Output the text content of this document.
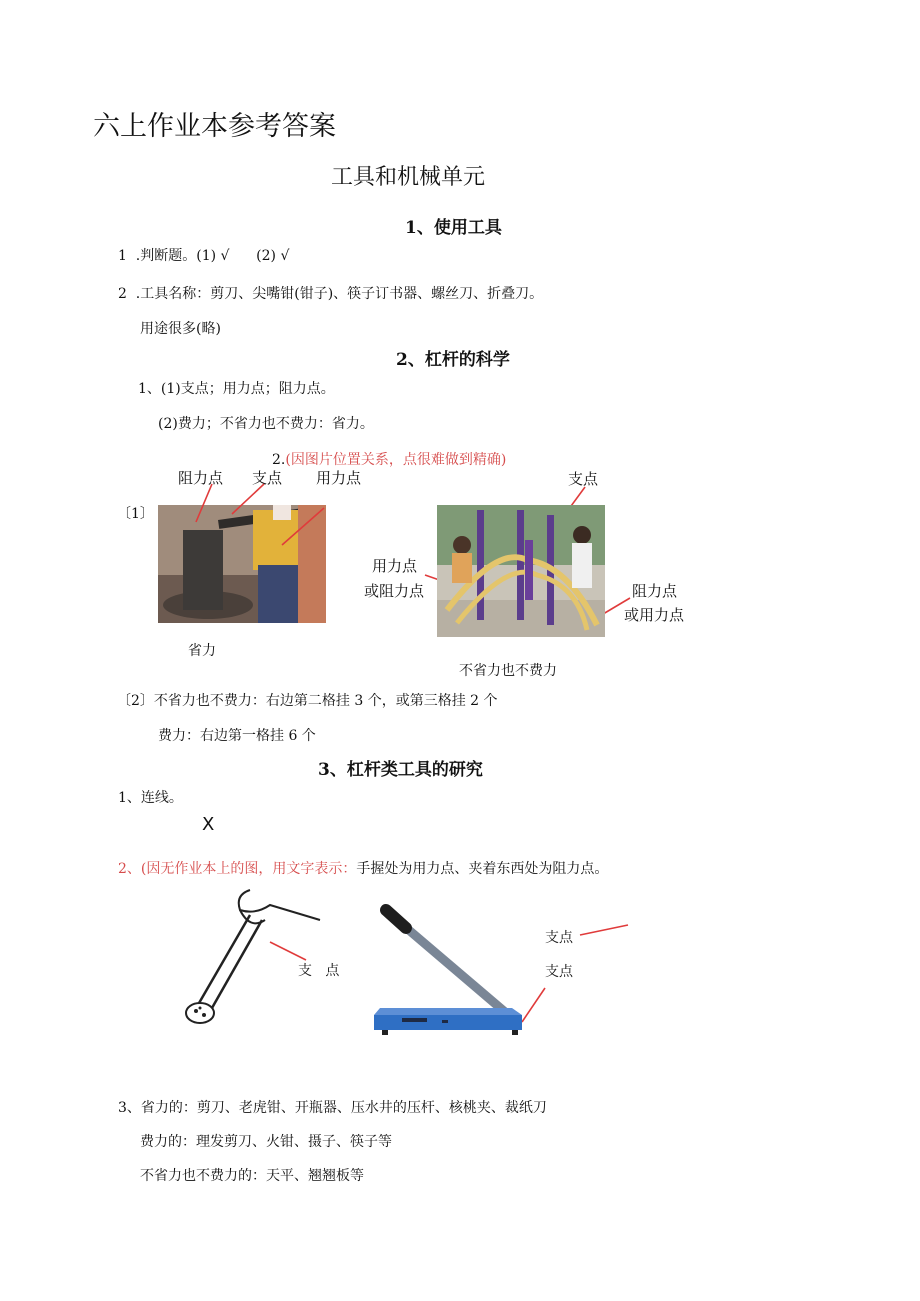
六上作业本参考答案
工具和机械单元
1、使用工具
1  .判断题。(1) √      (2) √
2  .工具名称：剪刀、尖嘴钳(钳子)、筷子订书器、螺丝刀、折叠刀。
用途很多(略)
2、杠杆的科学
1、(1)支点；用力点；阻力点。
(2)费力；不省力也不费力：省力。
2.(因图片位置关系，点很难做到精确)
〔1〕
阻力点 支点 用力点
省力
支点
用力点
或阻力点	阻力点
或用力点
不省力也不费力
〔2〕不省力也不费力：右边第二格挂 3 个，或第三格挂 2 个
费力：右边第一格挂 6 个
3、杠杆类工具的研究
1、连线。
X
2、(因无作业本上的图，用文字表示：手握处为用力点、夹着东西处为阻力点。
支   点
支点
支点
3、省力的：剪刀、老虎钳、开瓶器、压水井的压杆、核桃夹、裁纸刀
费力的：理发剪刀、火钳、摄子、筷子等
不省力也不费力的：天平、翘翘板等
